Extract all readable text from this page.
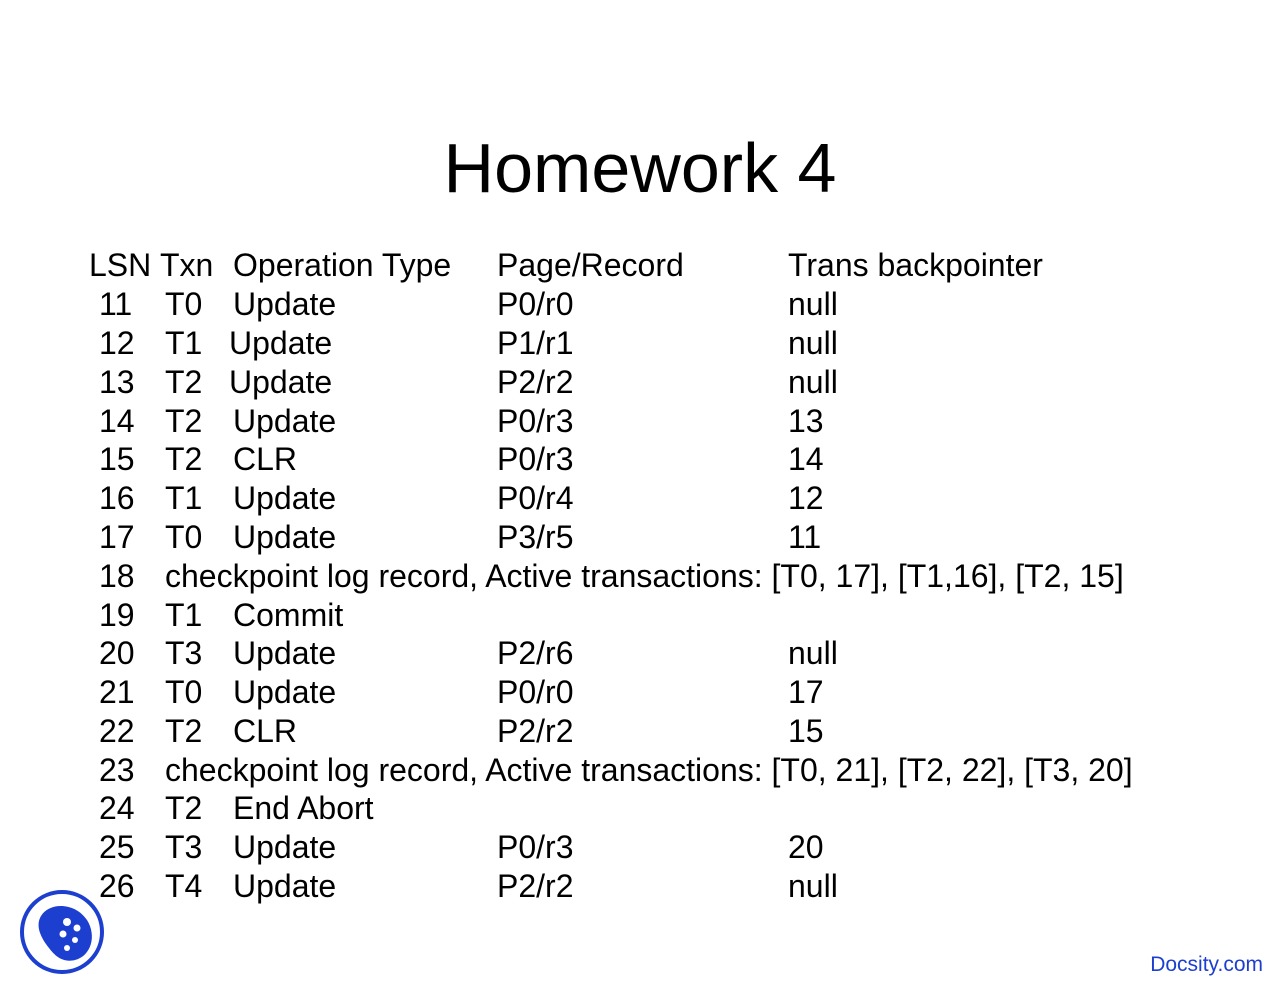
Homework 4
LSN Txn Operation Type Page/Record	Trans backpointer
11 T0 Update	P0/r0	null
12 T1 Update	P1/r1	null
13 T2 Update	P2/r2	null
14 T2 Update	P0/r3	13
15 T2 CLR	P0/r3	14
16 T1 Update	P0/r4	12
17 T0 Update	P3/r5	11
18 checkpoint log record, Active transactions: [T0, 17], [T1,16], [T2, 15]
19 T1 Commit
20 T3 Update	P2/r6	null
21 T0 Update	P0/r0	17
22 T2 CLR	P2/r2	15
23 checkpoint log record, Active transactions: [T0, 21], [T2, 22], [T3, 20]
24 T2 End Abort
25 T3 Update	P0/r3	20
26 T4 Update	P2/r2	null
Docsity.com
